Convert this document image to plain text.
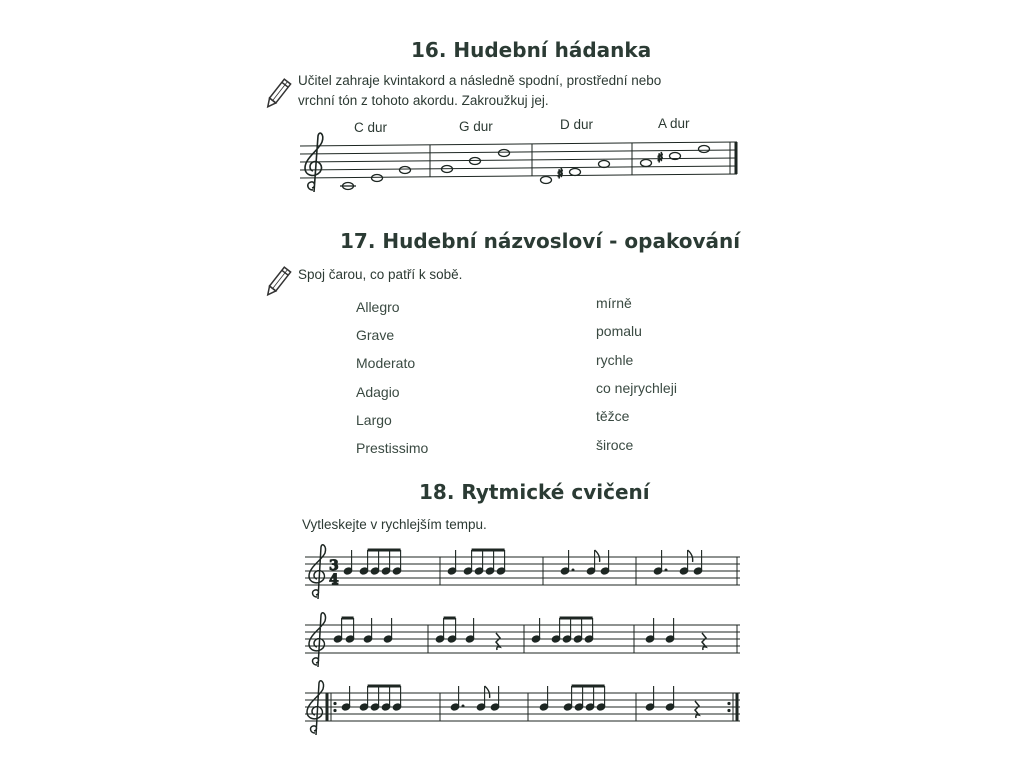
16. Hudební hádanka
Učitel zahraje kvintakord a následně spodní, prostřední nebo
vrchní tón z tohoto akordu. Zakroužkuj jej.
C dur	G dur	D dur	A dur
♯
♯
17. Hudební názvosloví - opakování
Spoj čarou, co patří k sobě.
Allegro
Grave
Moderato
Adagio
Largo
Prestissimo
mírně
pomalu
rychle
co nejrychleji
těžce
široce
18. Rytmické cvičení
Vytleskejte v rychlejším tempu.
3
4
